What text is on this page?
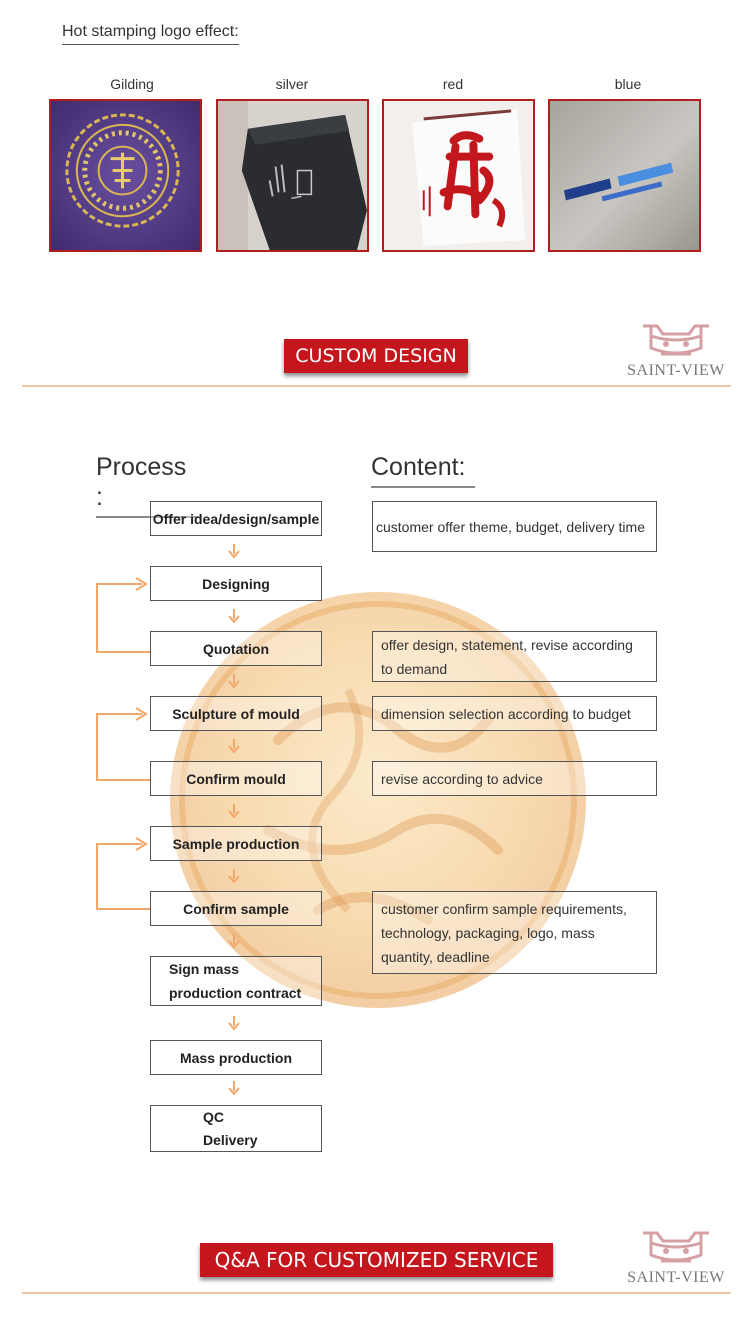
Hot stamping logo effect:
Gilding	silver	red	blue
CUSTOM DESIGN
SAINT-VIEW
Process :
Content:
Offer idea/design/sample
Designing
Quotation
Sculpture of mould
Confirm mould
Sample production
Confirm sample
Sign mass production contract
Mass production
QC Delivery
customer offer theme, budget, delivery time
offer design, statement, revise according to demand
dimension selection according to budget
revise according to advice
customer confirm sample requirements, technology, packaging, logo, mass quantity, deadline
Q&A FOR CUSTOMIZED SERVICE
SAINT-VIEW
